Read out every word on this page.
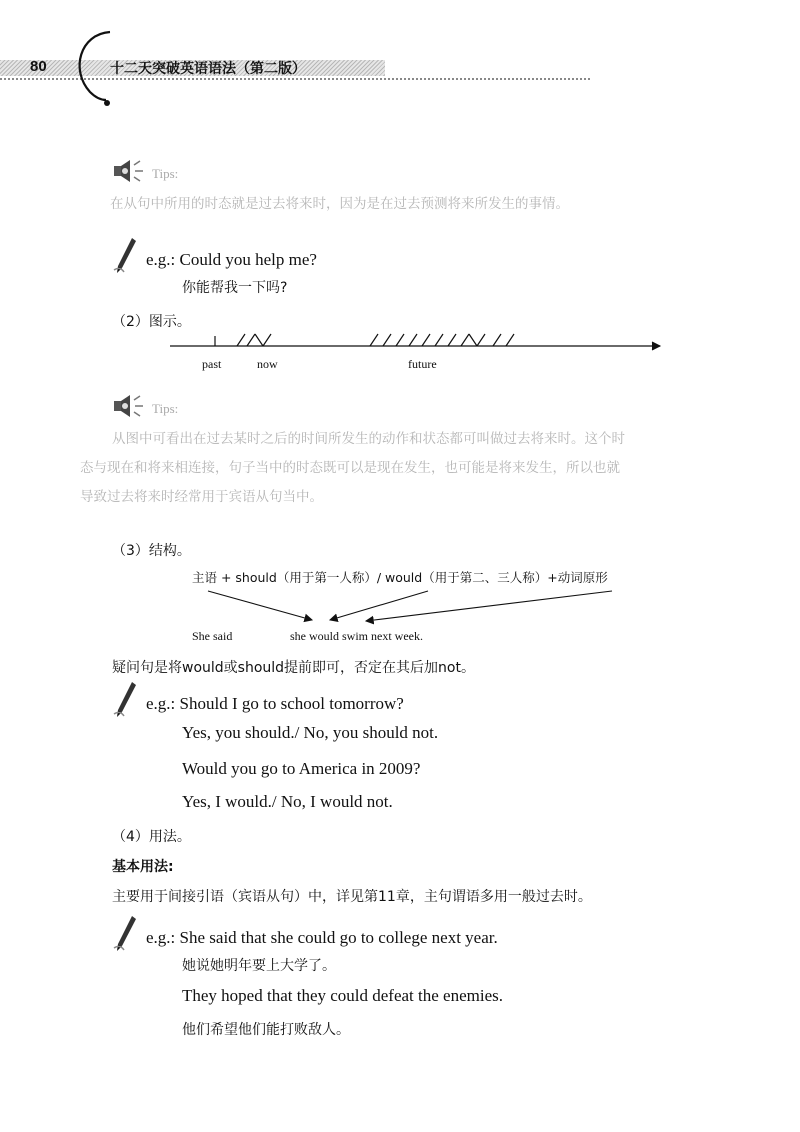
80	十二天突破英语语法（第二版）
Tips:
在从句中所用的时态就是过去将来时，因为是在过去预测将来所发生的事情。
e.g.: Could you help me?
你能帮我一下吗?
（2）图示。
past	now	future
Tips:
从图中可看出在过去某时之后的时间所发生的动作和状态都可叫做过去将来时。这个时
态与现在和将来相连接，句子当中的时态既可以是现在发生，也可能是将来发生，所以也就
导致过去将来时经常用于宾语从句当中。
（3）结构。
主语 + should（用于第一人称）/ would（用于第二、三人称）+动词原形
She said	she would swim next week.
疑问句是将would或should提前即可，否定在其后加not。
e.g.: Should I go to school tomorrow?
Yes, you should./ No, you should not.
Would you go to America in 2009?
Yes, I would./ No, I would not.
（4）用法。
基本用法:
主要用于间接引语（宾语从句）中，详见第11章，主句谓语多用一般过去时。
e.g.: She said that she could go to college next year.
她说她明年要上大学了。
They hoped that they could defeat the enemies.
他们希望他们能打败敌人。
